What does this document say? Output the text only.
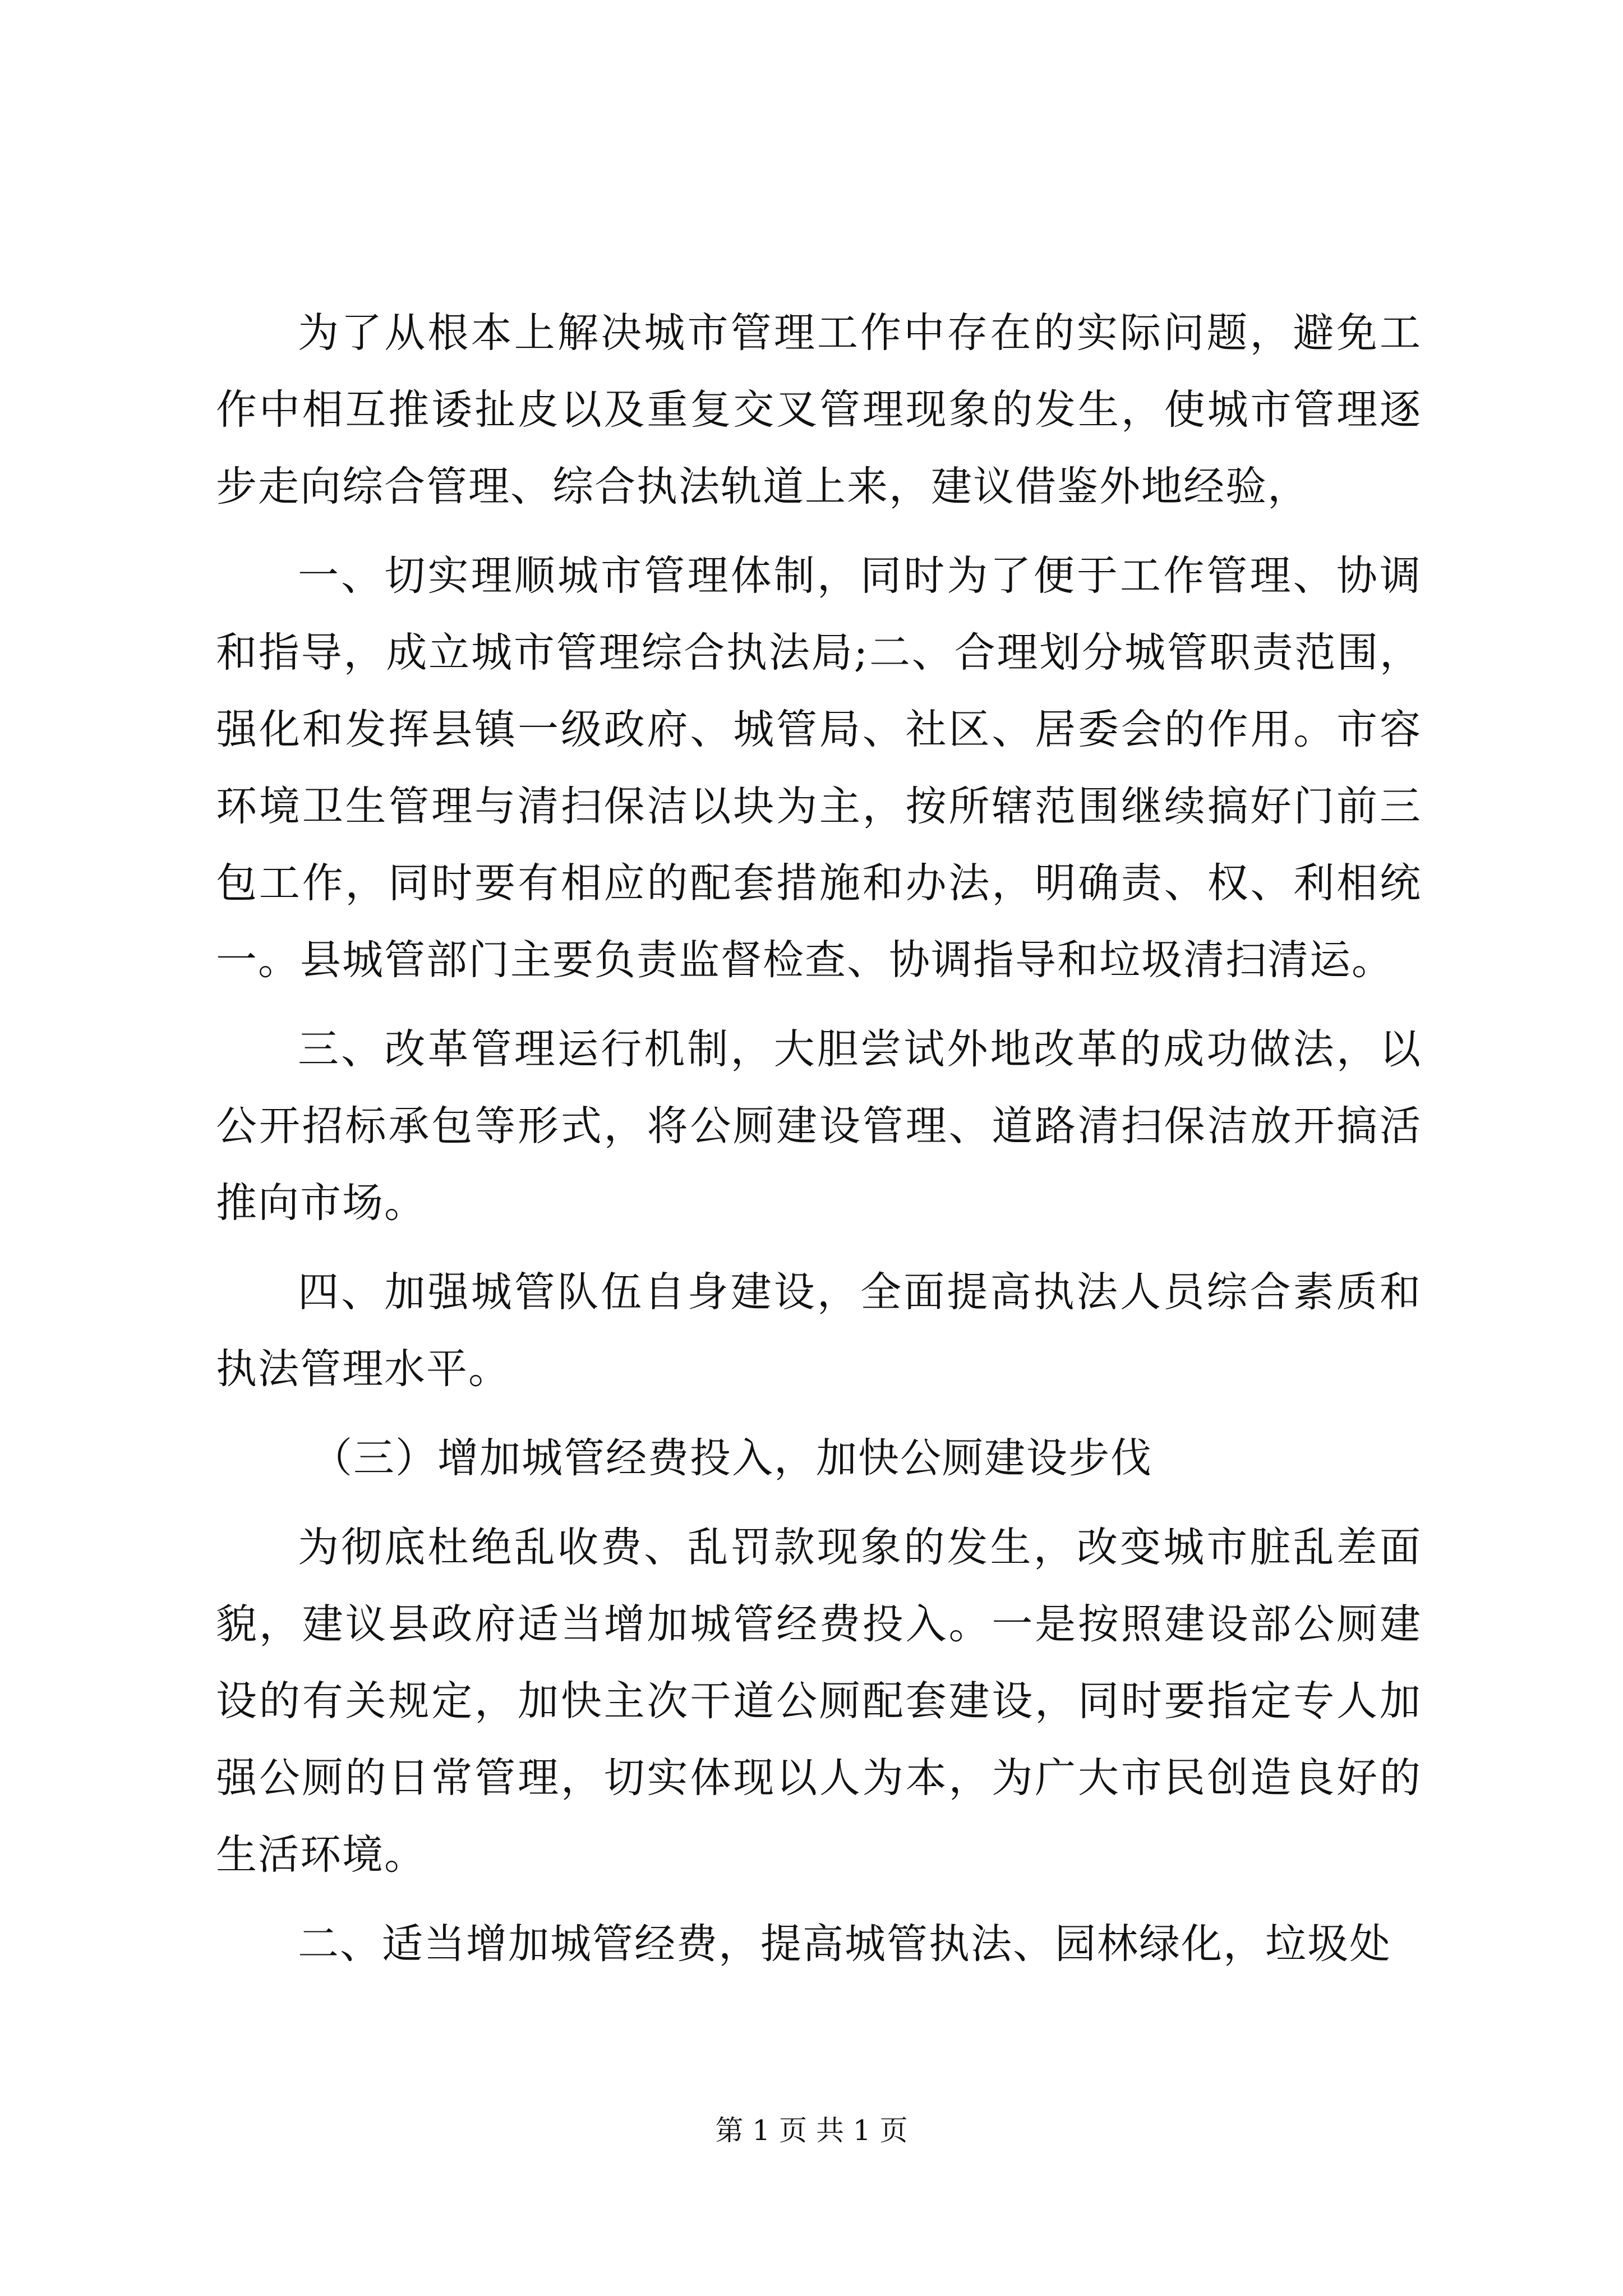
为了从根本上解决城市管理工作中存在的实际问题，避免工作中相互推诿扯皮以及重复交叉管理现象的发生，使城市管理逐步走向综合管理、综合执法轨道上来，建议借鉴外地经验，

一、切实理顺城市管理体制，同时为了便于工作管理、协调和指导，成立城市管理综合执法局;二、合理划分城管职责范围，强化和发挥县镇一级政府、城管局、社区、居委会的作用。市容环境卫生管理与清扫保洁以块为主，按所辖范围继续搞好门前三包工作，同时要有相应的配套措施和办法，明确责、权、利相统一。县城管部门主要负责监督检查、协调指导和垃圾清扫清运。

三、改革管理运行机制，大胆尝试外地改革的成功做法，以公开招标承包等形式，将公厕建设管理、道路清扫保洁放开搞活推向市场。

四、加强城管队伍自身建设，全面提高执法人员综合素质和执法管理水平。

（三）增加城管经费投入，加快公厕建设步伐

为彻底杜绝乱收费、乱罚款现象的发生，改变城市脏乱差面貌，建议县政府适当增加城管经费投入。一是按照建设部公厕建设的有关规定，加快主次干道公厕配套建设，同时要指定专人加强公厕的日常管理，切实体现以人为本，为广大市民创造良好的生活环境。

二、适当增加城管经费，提高城管执法、园林绿化，垃圾处

第 1 页 共 1 页
